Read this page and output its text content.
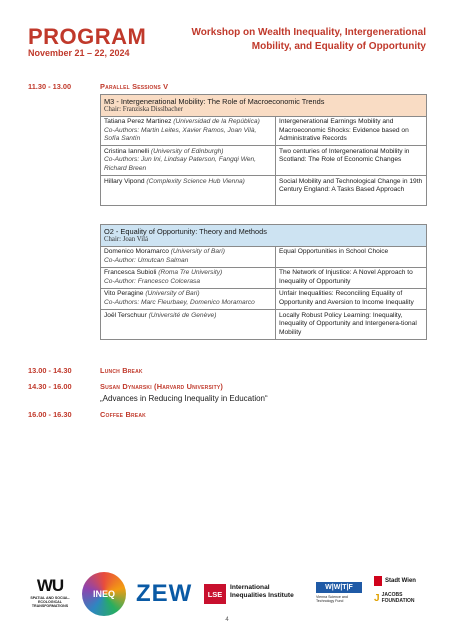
PROGRAM
November 21 – 22, 2024
Workshop on Wealth Inequality, Intergenerational Mobility, and Equality of Opportunity
11.30 - 13.00	Parallel Sessions V
M3 - Intergenerational Mobility: The Role of Macroeconomic Trends
Chair: Franziska Disslbacher	

Tatiana Perez Martinez (Universidad de la República)
Co-Authors: Martin Leites, Xavier Ramos, Joan Vilà, Sofía Santín	Intergenerational Earnings Mobility and Macroeconomic Shocks: Evidence based on Administrative Records
Cristina Iannelli (University of Edinburgh)
Co-Authors: Jun Ini, Lindsay Paterson, Fangqi Wen, Richard Breen	Two centuries of Intergenerational Mobility in Scotland: The Role of Economic Changes
Hillary Vipond (Complexity Science Hub Vienna)	Social Mobility and Technological Change in 19th Century England: A Tasks Based Approach
O2 - Equality of Opportunity: Theory and Methods
Chair: Joan Vilá	

Domenico Moramarco (University of Bari)
Co-Author: Umutcan Salman	Equal Opportunities in School Choice
Francesca Subioli (Roma Tre University)
Co-Author: Francesco Colcerasa	The Network of Injustice: A Novel Approach to Inequality of Opportunity
Vito Peragine (University of Bari)
Co-Authors: Marc Fleurbaey, Domenico Moramarco	Unfair Inequalities: Reconciling Equality of Opportunity and Aversion to Income Inequality
Joël Terschuur (Université de Genève)	Locally Robust Policy Learning: Inequality, Inequality of Opportunity and Intergenera-tional Mobility
13.00 - 14.30	Lunch Break
14.30 - 16.00	Susan Dynarski (Harvard University)
„Advances in Reducing Inequality in Education“
16.00 - 16.30	Coffee Break
WU
SPATIAL AND SOCIAL-ECOLOGICAL TRANSFORMATIONS
INEQ ZEW	LSE
International Inequalities Institute
W|W|T|F
Vienna Science and Technology Fund
Stadt Wien
J JACOBS FOUNDATION
4
